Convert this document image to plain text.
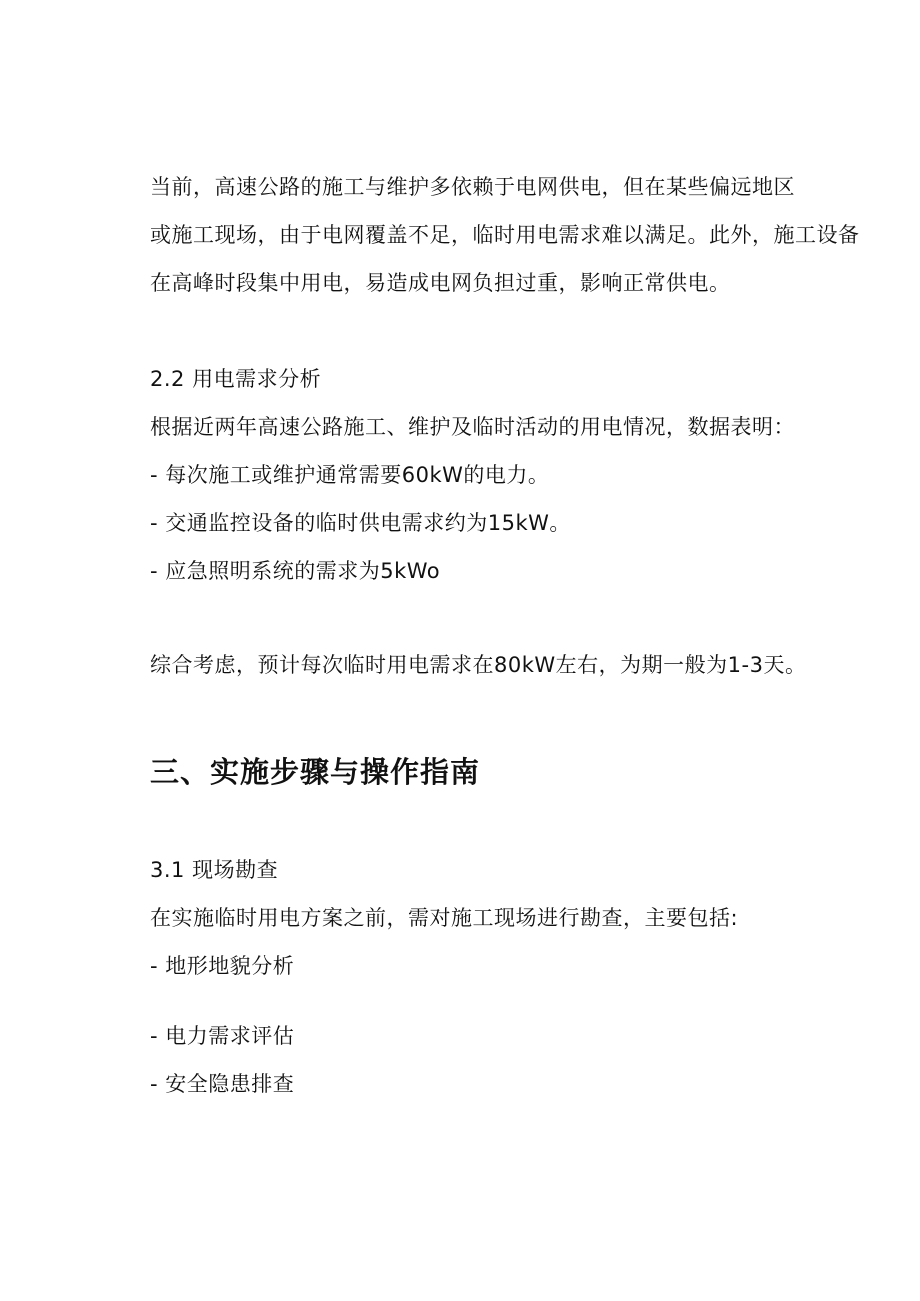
当前，高速公路的施工与维护多依赖于电网供电，但在某些偏远地区
或施工现场，由于电网覆盖不足，临时用电需求难以满足。此外，施工设备
在高峰时段集中用电，易造成电网负担过重，影响正常供电。
2.2 用电需求分析
根据近两年高速公路施工、维护及临时活动的用电情况，数据表明：
- 每次施工或维护通常需要60kW的电力。
- 交通监控设备的临时供电需求约为15kW。
- 应急照明系统的需求为5kWo
综合考虑，预计每次临时用电需求在80kW左右，为期一般为1-3天。
三、实施步骤与操作指南
3.1 现场勘查
在实施临时用电方案之前，需对施工现场进行勘查，主要包括:
- 地形地貌分析
- 电力需求评估
- 安全隐患排查
